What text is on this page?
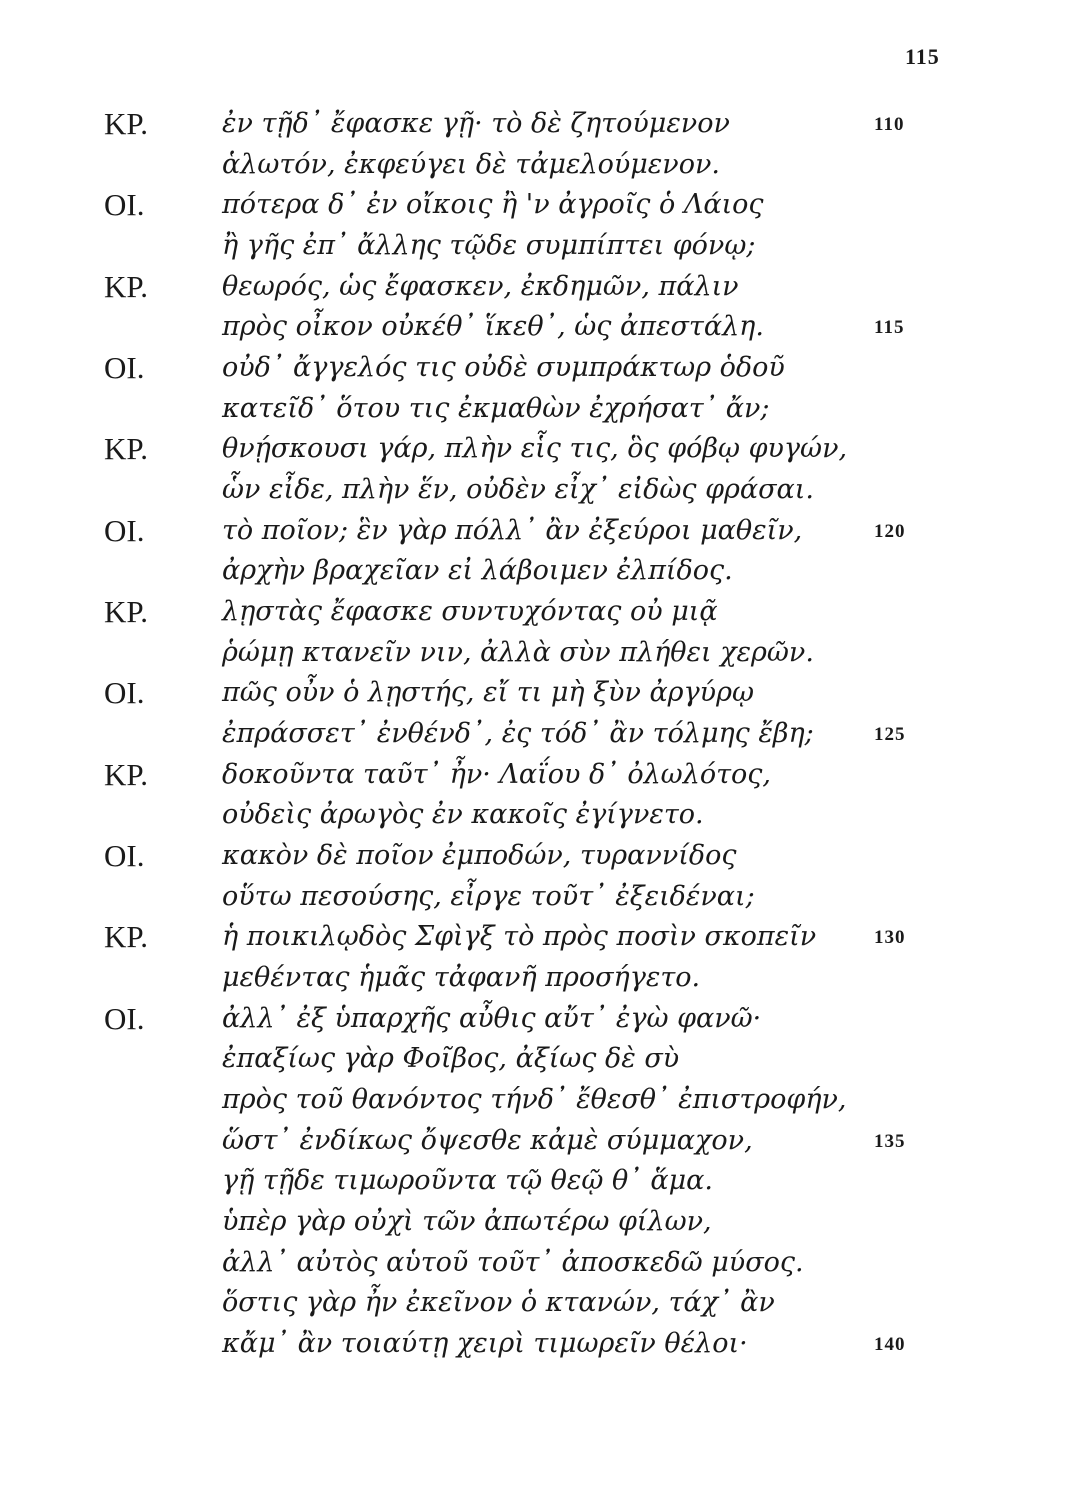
115
ΚΡ.	ἐν τῇδ᾽ ἔφασκε γῇ· τὸ δὲ ζητούμενον	110
ἁλωτόν, ἐκφεύγει δὲ τἀμελούμενον.
ΟΙ.	πότερα δ᾽ ἐν οἴκοις ἢ 'ν ἀγροῖς ὁ Λάιος
ἢ γῆς ἐπ᾽ ἄλλης τῷδε συμπίπτει φόνῳ;
ΚΡ.	θεωρός, ὡς ἔφασκεν, ἐκδημῶν, πάλιν
πρὸς οἶκον οὐκέθ᾽ ἵκεθ᾽, ὡς ἀπεστάλη.	115
ΟΙ.	οὐδ᾽ ἄγγελός τις οὐδὲ συμπράκτωρ ὁδοῦ
κατεῖδ᾽ ὅτου τις ἐκμαθὼν ἐχρήσατ᾽ ἄν;
ΚΡ.	θνῄσκουσι γάρ, πλὴν εἷς τις, ὃς φόβῳ φυγών,
ὧν εἶδε, πλὴν ἕν, οὐδὲν εἶχ᾽ εἰδὼς φράσαι.
ΟΙ.	τὸ ποῖον; ἓν γὰρ πόλλ᾽ ἂν ἐξεύροι μαθεῖν,	120
ἀρχὴν βραχεῖαν εἰ λάβοιμεν ἐλπίδος.
ΚΡ.	λῃστὰς ἔφασκε συντυχόντας οὐ μιᾷ
ῥώμῃ κτανεῖν νιν, ἀλλὰ σὺν πλήθει χερῶν.
ΟΙ.	πῶς οὖν ὁ λῃστής, εἴ τι μὴ ξὺν ἀργύρῳ
ἐπράσσετ᾽ ἐνθένδ᾽, ἐς τόδ᾽ ἂν τόλμης ἔβη;	125
ΚΡ.	δοκοῦντα ταῦτ᾽ ἦν· Λαΐου δ᾽ ὀλωλότος,
οὐδεὶς ἀρωγὸς ἐν κακοῖς ἐγίγνετο.
ΟΙ.	κακὸν δὲ ποῖον ἐμποδών, τυραννίδος
οὕτω πεσούσης, εἶργε τοῦτ᾽ ἐξειδέναι;
ΚΡ.	ἡ ποικιλῳδὸς Σφὶγξ τὸ πρὸς ποσὶν σκοπεῖν	130
μεθέντας ἡμᾶς τἀφανῆ προσήγετο.
ΟΙ.	ἀλλ᾽ ἐξ ὑπαρχῆς αὖθις αὔτ᾽ ἐγὼ φανῶ·
ἐπαξίως γὰρ Φοῖβος, ἀξίως δὲ σὺ
πρὸς τοῦ θανόντος τήνδ᾽ ἔθεσθ᾽ ἐπιστροφήν,
ὥστ᾽ ἐνδίκως ὄψεσθε κἀμὲ σύμμαχον,	135
γῇ τῇδε τιμωροῦντα τῷ θεῷ θ᾽ ἅμα.
ὑπὲρ γὰρ οὐχὶ τῶν ἀπωτέρω φίλων,
ἀλλ᾽ αὐτὸς αὑτοῦ τοῦτ᾽ ἀποσκεδῶ μύσος.
ὅστις γὰρ ἦν ἐκεῖνον ὁ κτανών, τάχ᾽ ἂν
κἄμ᾽ ἂν τοιαύτῃ χειρὶ τιμωρεῖν θέλοι·	140
